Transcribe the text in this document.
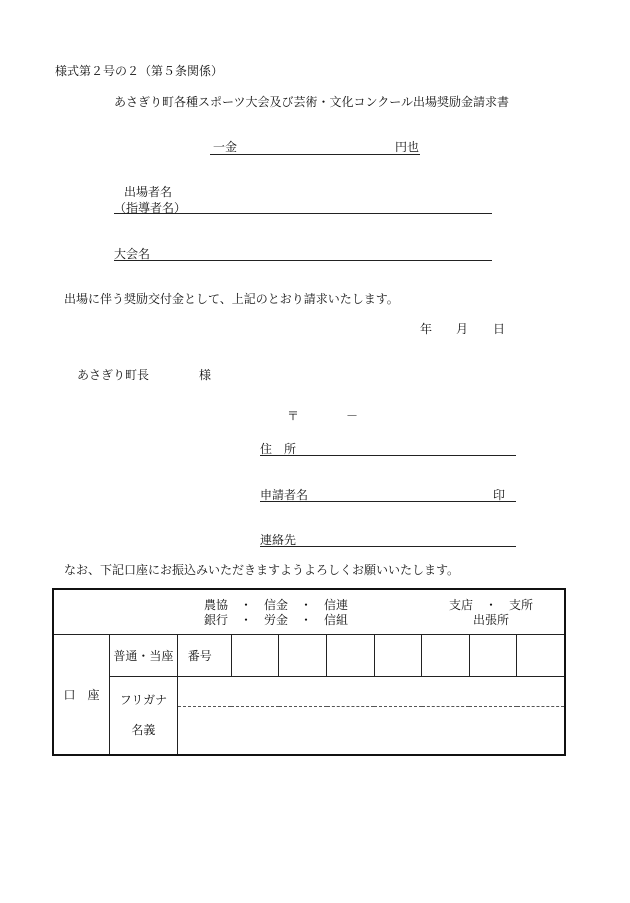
様式第２号の２（第５条関係）
あさぎり町各種スポーツ大会及び芸術・文化コンクール出場奨励金請求書
一金	円也
出場者名
（指導者名）
大会名
出場に伴う奨励交付金として、上記のとおり請求いたします。
年 月 日
あさぎり町長	様
〒	－
住　所
申請者名	印
連絡先
なお、下記口座にお振込みいただきますようよろしくお願いいたします。
農協　・　信金　・　信連
銀行　・　労金　・　信組
支店　・　支所
出張所									

口　座	普通・当座	番号							

	フリガナ
名義								
